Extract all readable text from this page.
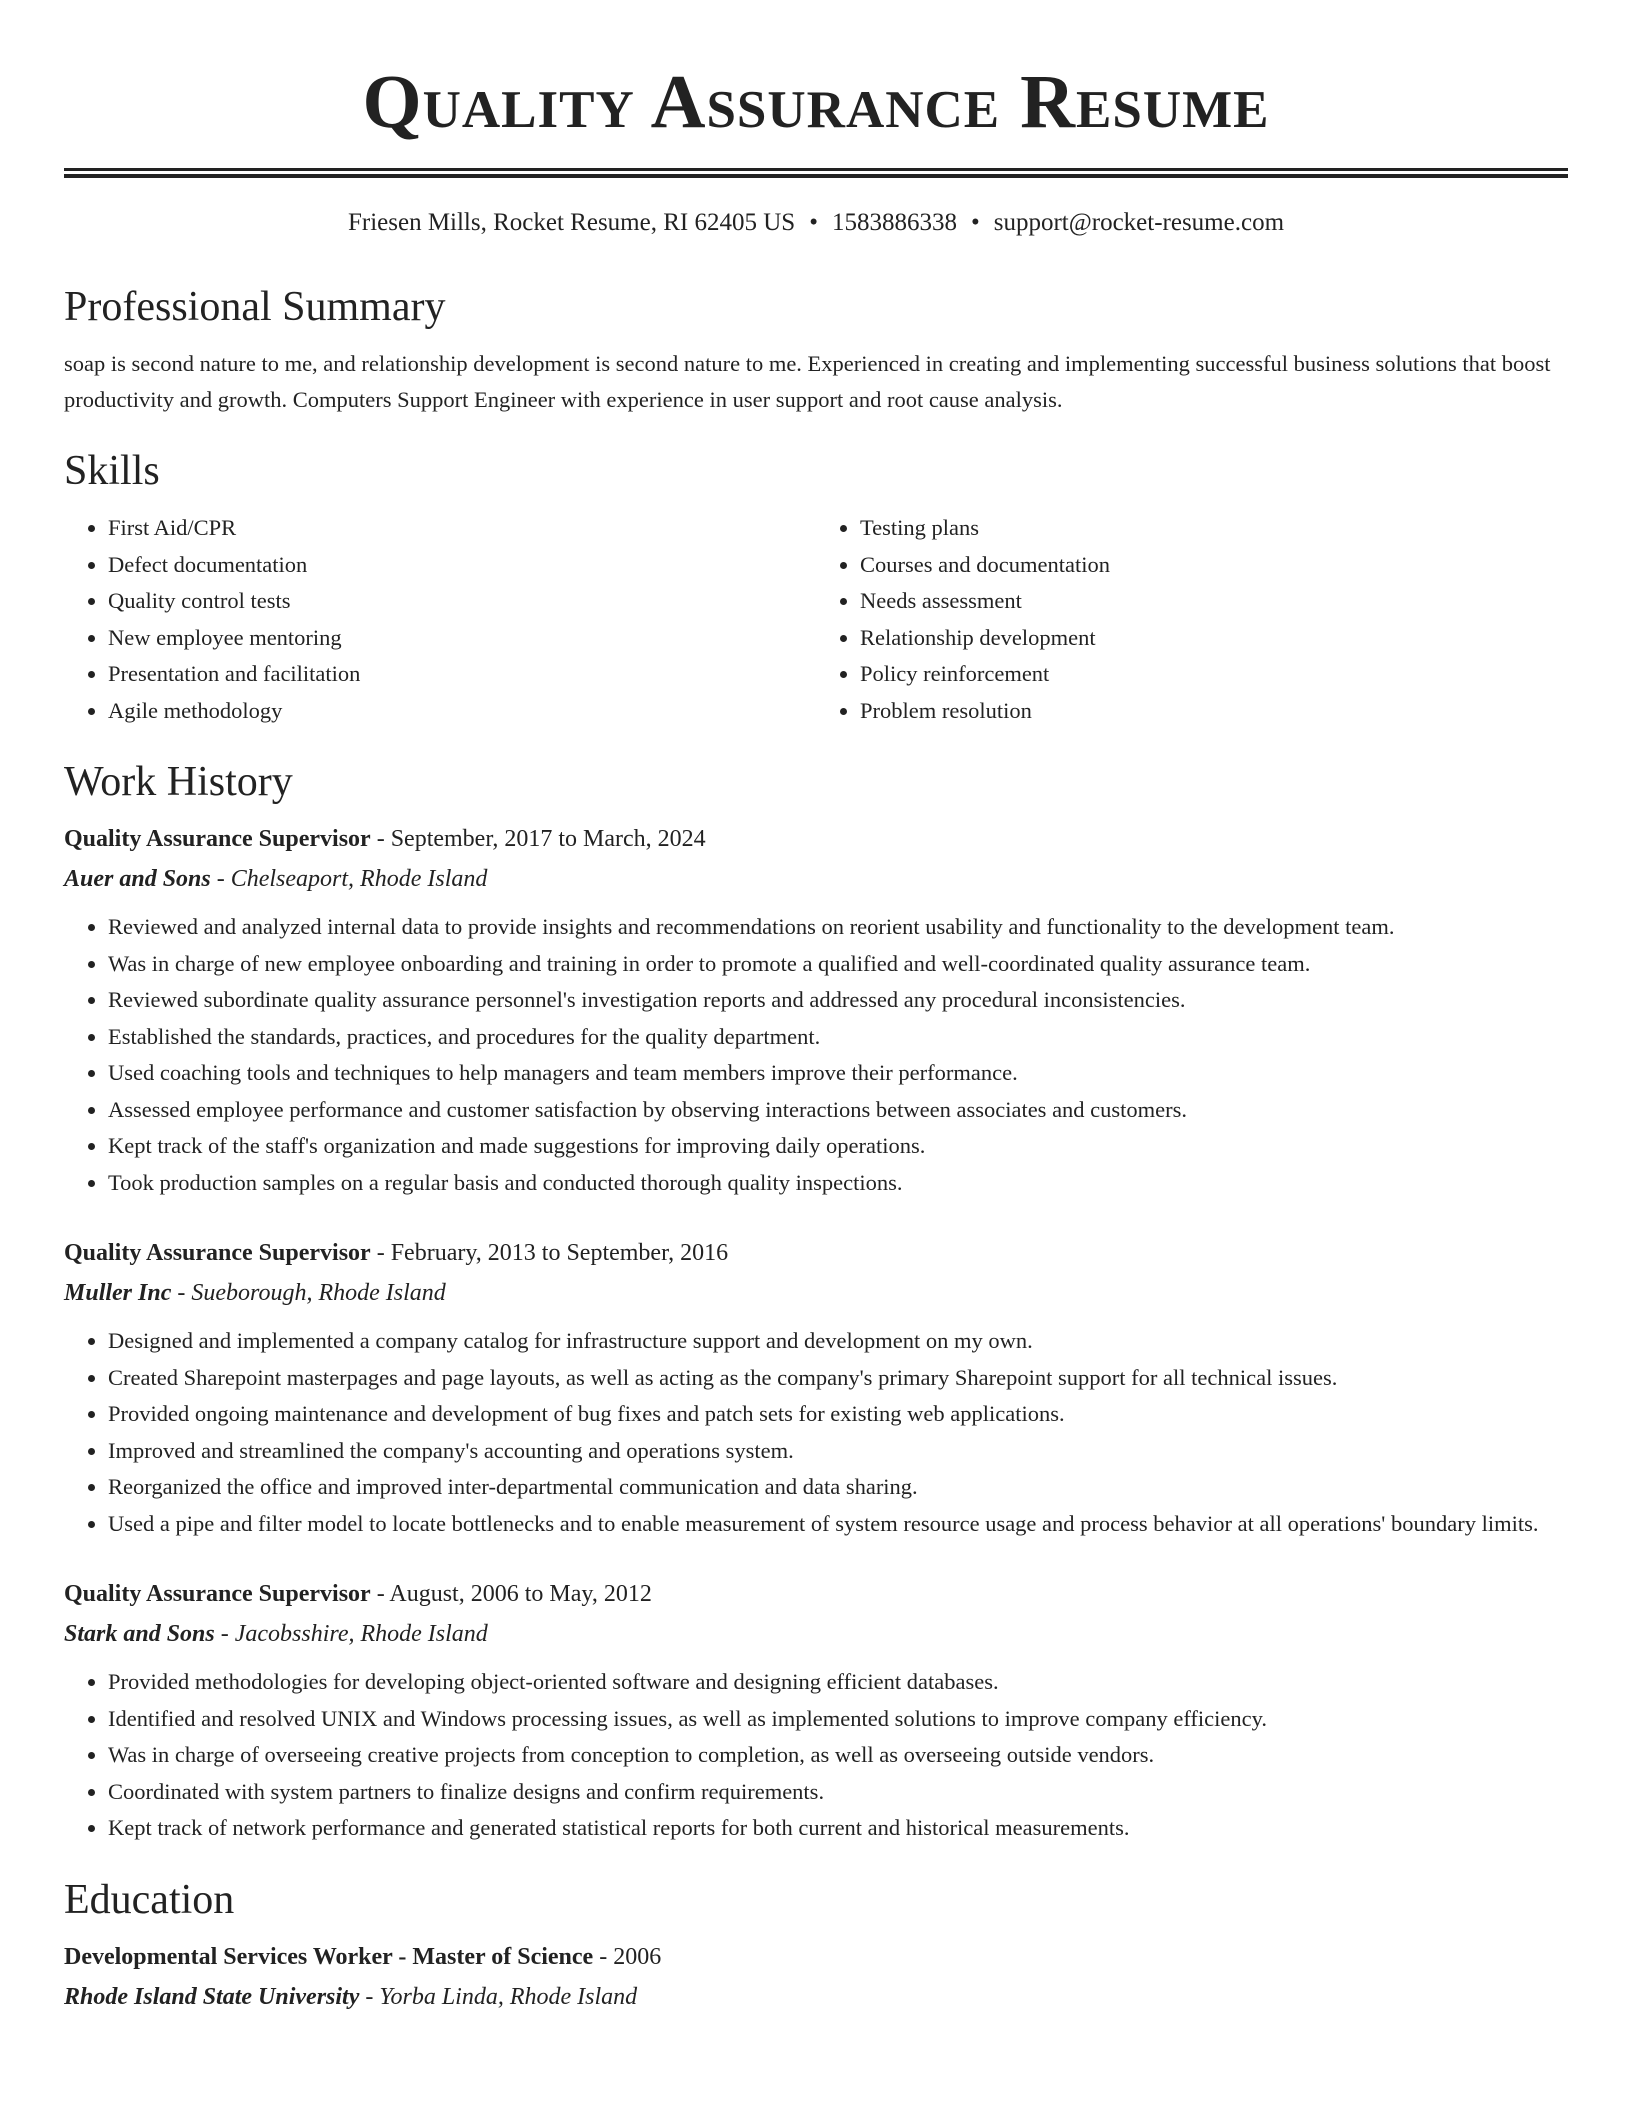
Quality Assurance Resume
Friesen Mills, Rocket Resume, RI 62405 US • 1583886338 • support@rocket-resume.com
Professional Summary

soap is second nature to me, and relationship development is second nature to me. Experienced in creating and implementing successful business solutions that boost productivity and growth. Computers Support Engineer with experience in user support and root cause analysis.

Skills
• First Aid/CPR
• Defect documentation
• Quality control tests
• New employee mentoring
• Presentation and facilitation
• Agile methodology
• Testing plans
• Courses and documentation
• Needs assessment
• Relationship development
• Policy reinforcement
• Problem resolution
Work History
Quality Assurance Supervisor - September, 2017 to March, 2024
Auer and Sons - Chelseaport, Rhode Island
• Reviewed and analyzed internal data to provide insights and recommendations on reorient usability and functionality to the development team.
• Was in charge of new employee onboarding and training in order to promote a qualified and well-coordinated quality assurance team.
• Reviewed subordinate quality assurance personnel's investigation reports and addressed any procedural inconsistencies.
• Established the standards, practices, and procedures for the quality department.
• Used coaching tools and techniques to help managers and team members improve their performance.
• Assessed employee performance and customer satisfaction by observing interactions between associates and customers.
• Kept track of the staff's organization and made suggestions for improving daily operations.
• Took production samples on a regular basis and conducted thorough quality inspections.
Quality Assurance Supervisor - February, 2013 to September, 2016
Muller Inc - Sueborough, Rhode Island
• Designed and implemented a company catalog for infrastructure support and development on my own.
• Created Sharepoint masterpages and page layouts, as well as acting as the company's primary Sharepoint support for all technical issues.
• Provided ongoing maintenance and development of bug fixes and patch sets for existing web applications.
• Improved and streamlined the company's accounting and operations system.
• Reorganized the office and improved inter-departmental communication and data sharing.
• Used a pipe and filter model to locate bottlenecks and to enable measurement of system resource usage and process behavior at all operations' boundary limits.
Quality Assurance Supervisor - August, 2006 to May, 2012
Stark and Sons - Jacobsshire, Rhode Island
• Provided methodologies for developing object-oriented software and designing efficient databases.
• Identified and resolved UNIX and Windows processing issues, as well as implemented solutions to improve company efficiency.
• Was in charge of overseeing creative projects from conception to completion, as well as overseeing outside vendors.
• Coordinated with system partners to finalize designs and confirm requirements.
• Kept track of network performance and generated statistical reports for both current and historical measurements.
Education
Developmental Services Worker - Master of Science - 2006
Rhode Island State University - Yorba Linda, Rhode Island
